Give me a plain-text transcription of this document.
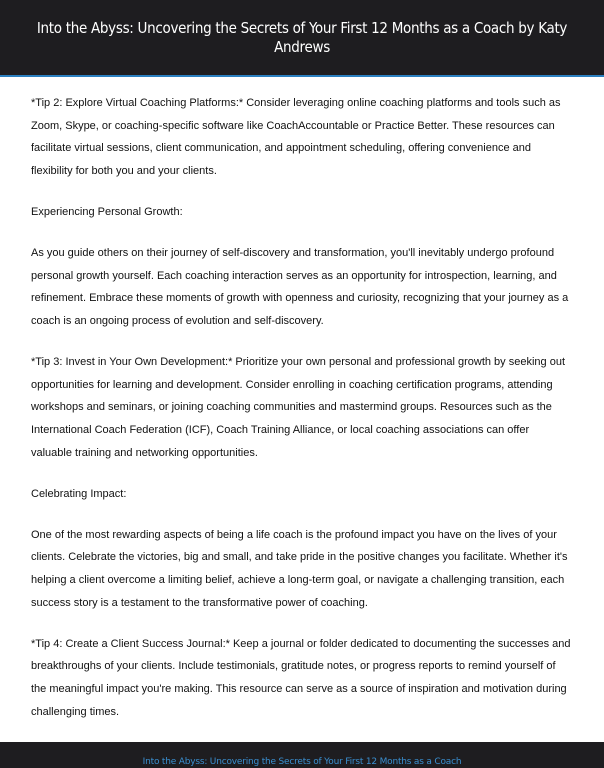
Into the Abyss: Uncovering the Secrets of Your First 12 Months as a Coach by Katy Andrews

*Tip 2: Explore Virtual Coaching Platforms:* Consider leveraging online coaching platforms and tools such as Zoom, Skype, or coaching-specific software like CoachAccountable or Practice Better. These resources can facilitate virtual sessions, client communication, and appointment scheduling, offering convenience and flexibility for both you and your clients.

Experiencing Personal Growth:

As you guide others on their journey of self-discovery and transformation, you'll inevitably undergo profound personal growth yourself. Each coaching interaction serves as an opportunity for introspection, learning, and refinement. Embrace these moments of growth with openness and curiosity, recognizing that your journey as a coach is an ongoing process of evolution and self-discovery.

*Tip 3: Invest in Your Own Development:* Prioritize your own personal and professional growth by seeking out opportunities for learning and development. Consider enrolling in coaching certification programs, attending workshops and seminars, or joining coaching communities and mastermind groups. Resources such as the International Coach Federation (ICF), Coach Training Alliance, or local coaching associations can offer valuable training and networking opportunities.

Celebrating Impact:

One of the most rewarding aspects of being a life coach is the profound impact you have on the lives of your clients. Celebrate the victories, big and small, and take pride in the positive changes you facilitate. Whether it's helping a client overcome a limiting belief, achieve a long-term goal, or navigate a challenging transition, each success story is a testament to the transformative power of coaching.

*Tip 4: Create a Client Success Journal:* Keep a journal or folder dedicated to documenting the successes and breakthroughs of your clients. Include testimonials, gratitude notes, or progress reports to remind yourself of the meaningful impact you're making. This resource can serve as a source of inspiration and motivation during challenging times.

Into the Abyss: Uncovering the Secrets of Your First 12 Months as a Coach
